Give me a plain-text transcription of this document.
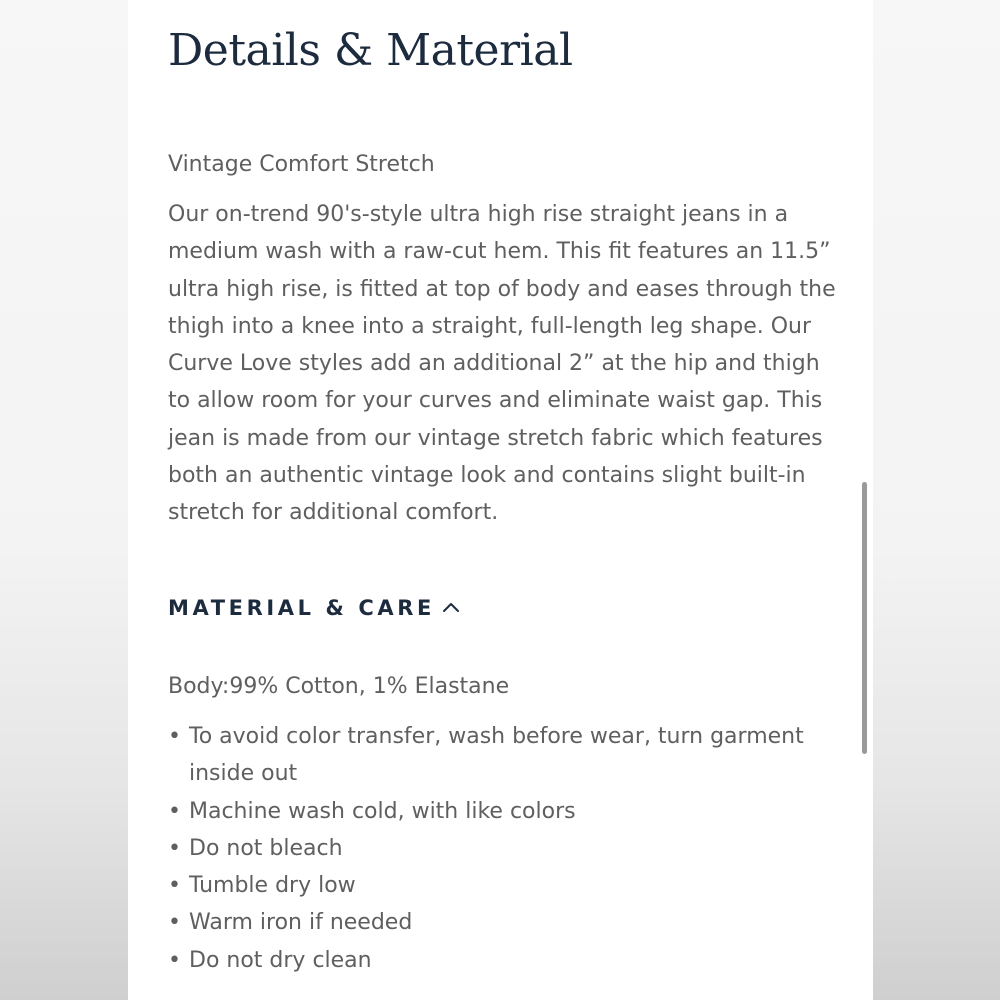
Details & Material
Vintage Comfort Stretch

Our on-trend 90's-style ultra high rise straight jeans in a
medium wash with a raw-cut hem. This fit features an 11.5”
ultra high rise, is fitted at top of body and eases through the
thigh into a knee into a straight, full-length leg shape. Our
Curve Love styles add an additional 2” at the hip and thigh
to allow room for your curves and eliminate waist gap. This
jean is made from our vintage stretch fabric which features
both an authentic vintage look and contains slight built-in
stretch for additional comfort.

MATERIAL & CARE
Body:99% Cotton, 1% Elastane
• To avoid color transfer, wash before wear, turn garment
inside out
• Machine wash cold, with like colors
• Do not bleach
• Tumble dry low
• Warm iron if needed
• Do not dry clean
